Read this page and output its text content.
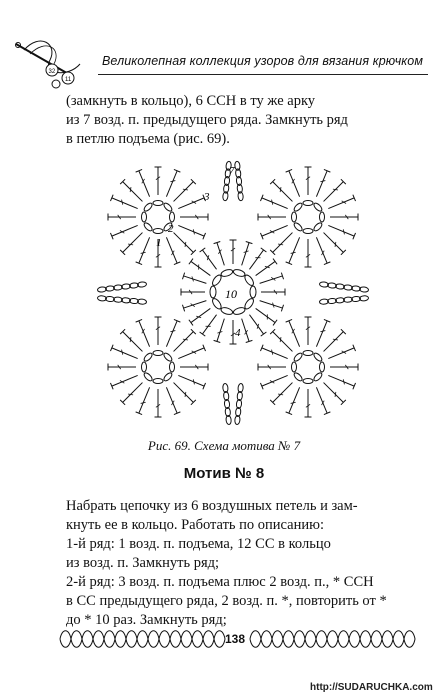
32
11
Великолепная коллекция узоров для вязания крючком

(замкнуть в кольцо), 6 ССН в ту же арку
из 7 возд. п. предыдущего ряда. Замкнуть ряд
в петлю подъема (рис. 69).

10
7
3
2
1
4
Рис. 69. Схема мотива № 7
Мотив № 8

Набрать цепочку из 6 воздушных петель и зам-
кнуть ее в кольцо. Работать по описанию:
1-й ряд: 1 возд. п. подъема, 12 СС в кольцо
из возд. п. Замкнуть ряд;
2-й ряд: 3 возд. п. подъема плюс 2 возд. п., * ССН
в СС предыдущего ряда, 2 возд. п. *, повторить от *
до * 10 раз. Замкнуть ряд;

138
http://SUDARUCHKA.com
